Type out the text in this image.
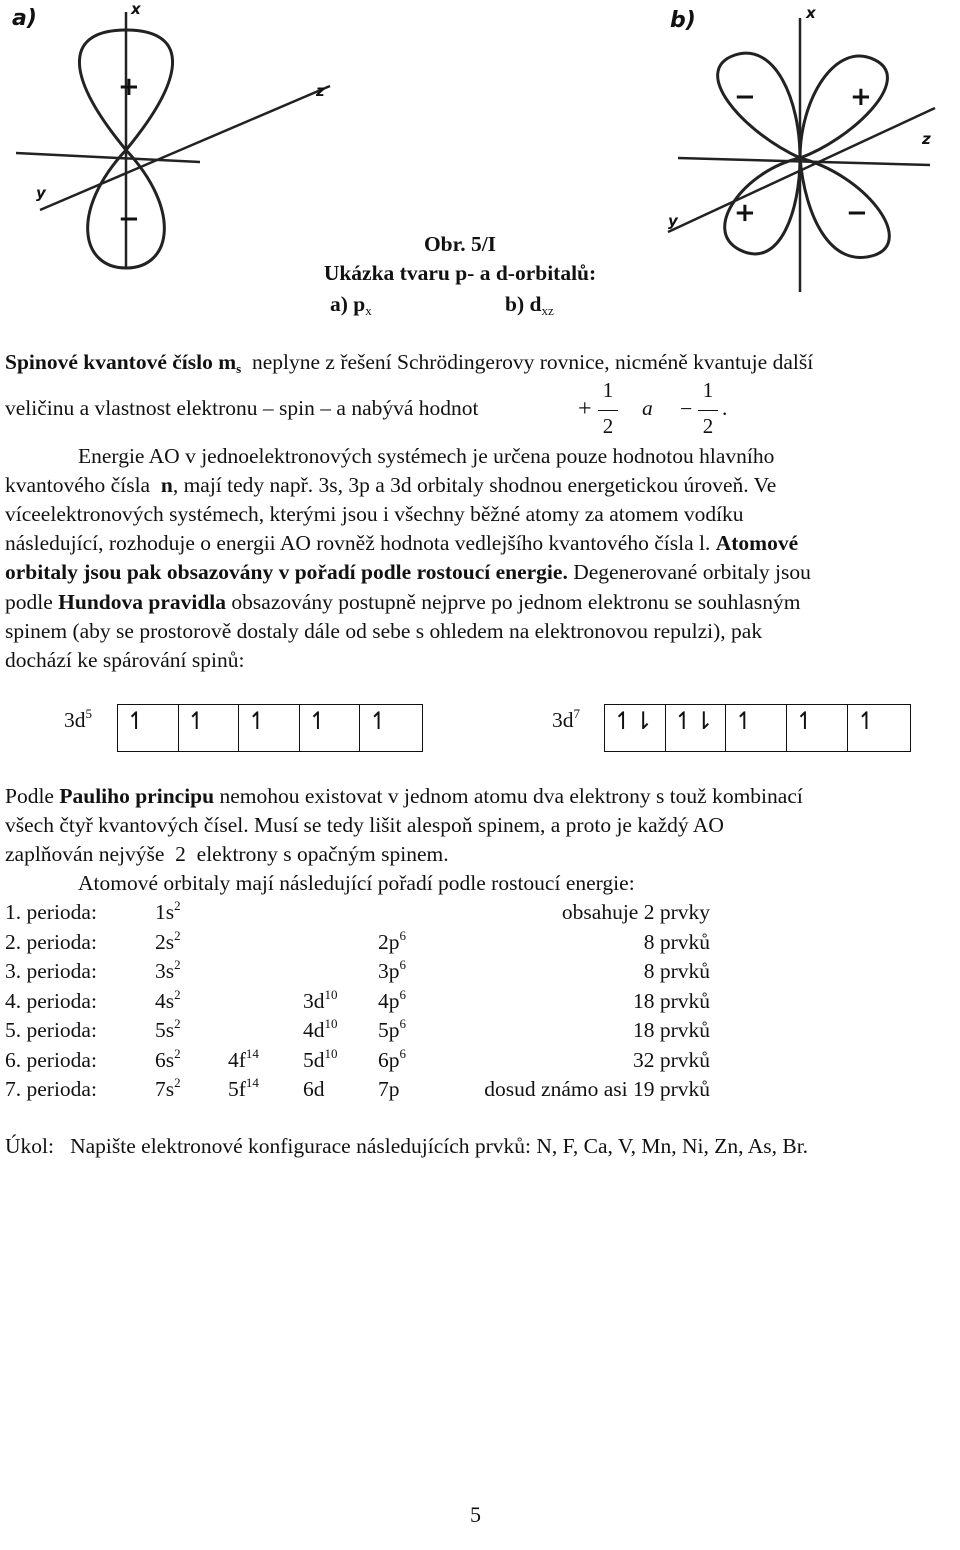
a)	x
y
z
+
−
b)	x
y
z
−	+
+	−
Obr. 5/I
Ukázka tvaru p- a d-orbitalů:
a) $p_x$	b) $d_{xz}$
Spinové kvantové číslo $m_s$ neplyne z řešení Schrödingerovy rovnice, nicméně kvantuje další
veličinu a vlastnost elektronu – spin – a nabývá hodnot	+
1
2
a −
1
2
.
Energie AO v jednoelektronových systémech je určena pouze hodnotou hlavního
kvantového čísla n, mají tedy např. 3s, 3p a 3d orbitaly shodnou energetickou úroveň. Ve
víceelektronových systémech, kterými jsou i všechny běžné atomy za atomem vodíku
následující, rozhoduje o energii AO rovněž hodnota vedlejšího kvantového čísla l. Atomové
orbitaly jsou pak obsazovány v pořadí podle rostoucí energie. Degenerované orbitaly jsou
podle Hundova pravidla obsazovány postupně nejprve po jednom elektronu se souhlasným
spinem (aby se prostorově dostaly dále od sebe s ohledem na elektronovou repulzi), pak
dochází ke spárování spinů:
$3d^5$	↿	↿	↿	↿	↿	$3d^7$	↿⇂ ↿⇂ ↿	↿	↿
Podle Pauliho principu nemohou existovat v jednom atomu dva elektrony s touž kombinací
všech čtyř kvantových čísel. Musí se tedy lišit alespoň spinem, a proto je každý AO
zaplňován nejvýše  2  elektrony s opačným spinem.
Atomové orbitaly mají následující pořadí podle rostoucí energie:
1. perioda:	$1s^2$	obsahuje 2 prvky
2. perioda:	$2s^2$	$2p^6$	8 prvků
3. perioda:	$3s^2$	$3p^6$	8 prvků
4. perioda:	$4s^2$	$3d^{10}$ $4p^6$	18 prvků
5. perioda:	$5s^2$	$4d^{10}$ $5p^6$	18 prvků
6. perioda:	$6s^2$ $4f^{14}$ $5d^{10}$ $6p^6$	32 prvků
7. perioda:	$7s^2$ $5f^{14}$ 6d 7p	dosud známo asi 19 prvků
Úkol: Napište elektronové konfigurace následujících prvků: N, F, Ca, V, Mn, Ni, Zn, As, Br.
5
